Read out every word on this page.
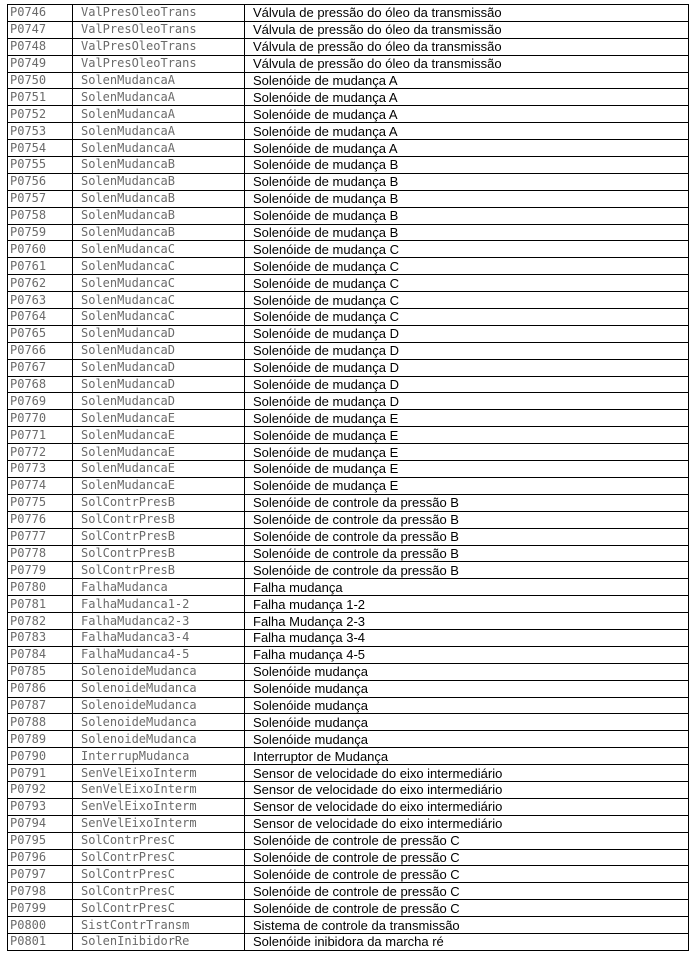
P0746	ValPresOleoTrans	Válvula de pressão do óleo da transmissão
P0747	ValPresOleoTrans	Válvula de pressão do óleo da transmissão
P0748	ValPresOleoTrans	Válvula de pressão do óleo da transmissão
P0749	ValPresOleoTrans	Válvula de pressão do óleo da transmissão
P0750	SolenMudancaA	Solenóide de mudança A
P0751	SolenMudancaA	Solenóide de mudança A
P0752	SolenMudancaA	Solenóide de mudança A
P0753	SolenMudancaA	Solenóide de mudança A
P0754	SolenMudancaA	Solenóide de mudança A
P0755	SolenMudancaB	Solenóide de mudança B
P0756	SolenMudancaB	Solenóide de mudança B
P0757	SolenMudancaB	Solenóide de mudança B
P0758	SolenMudancaB	Solenóide de mudança B
P0759	SolenMudancaB	Solenóide de mudança B
P0760	SolenMudancaC	Solenóide de mudança C
P0761	SolenMudancaC	Solenóide de mudança C
P0762	SolenMudancaC	Solenóide de mudança C
P0763	SolenMudancaC	Solenóide de mudança C
P0764	SolenMudancaC	Solenóide de mudança C
P0765	SolenMudancaD	Solenóide de mudança D
P0766	SolenMudancaD	Solenóide de mudança D
P0767	SolenMudancaD	Solenóide de mudança D
P0768	SolenMudancaD	Solenóide de mudança D
P0769	SolenMudancaD	Solenóide de mudança D
P0770	SolenMudancaE	Solenóide de mudança E
P0771	SolenMudancaE	Solenóide de mudança E
P0772	SolenMudancaE	Solenóide de mudança E
P0773	SolenMudancaE	Solenóide de mudança E
P0774	SolenMudancaE	Solenóide de mudança E
P0775	SolContrPresB	Solenóide de controle da pressão B
P0776	SolContrPresB	Solenóide de controle da pressão B
P0777	SolContrPresB	Solenóide de controle da pressão B
P0778	SolContrPresB	Solenóide de controle da pressão B
P0779	SolContrPresB	Solenóide de controle da pressão B
P0780	FalhaMudanca	Falha mudança
P0781	FalhaMudanca1-2	Falha mudança 1-2
P0782	FalhaMudanca2-3	Falha Mudança 2-3
P0783	FalhaMudanca3-4	Falha mudança 3-4
P0784	FalhaMudanca4-5	Falha mudança 4-5
P0785	SolenoideMudanca	Solenóide mudança
P0786	SolenoideMudanca	Solenóide mudança
P0787	SolenoideMudanca	Solenóide mudança
P0788	SolenoideMudanca	Solenóide mudança
P0789	SolenoideMudanca	Solenóide mudança
P0790	InterrupMudanca	Interruptor de Mudança
P0791	SenVelEixoInterm	Sensor de velocidade do eixo intermediário
P0792	SenVelEixoInterm	Sensor de velocidade do eixo intermediário
P0793	SenVelEixoInterm	Sensor de velocidade do eixo intermediário
P0794	SenVelEixoInterm	Sensor de velocidade do eixo intermediário
P0795	SolContrPresC	Solenóide de controle de pressão C
P0796	SolContrPresC	Solenóide de controle de pressão C
P0797	SolContrPresC	Solenóide de controle de pressão C
P0798	SolContrPresC	Solenóide de controle de pressão C
P0799	SolContrPresC	Solenóide de controle de pressão C
P0800	SistContrTransm	Sistema de controle da transmissão
P0801	SolenInibidorRe	Solenóide inibidora da marcha ré
